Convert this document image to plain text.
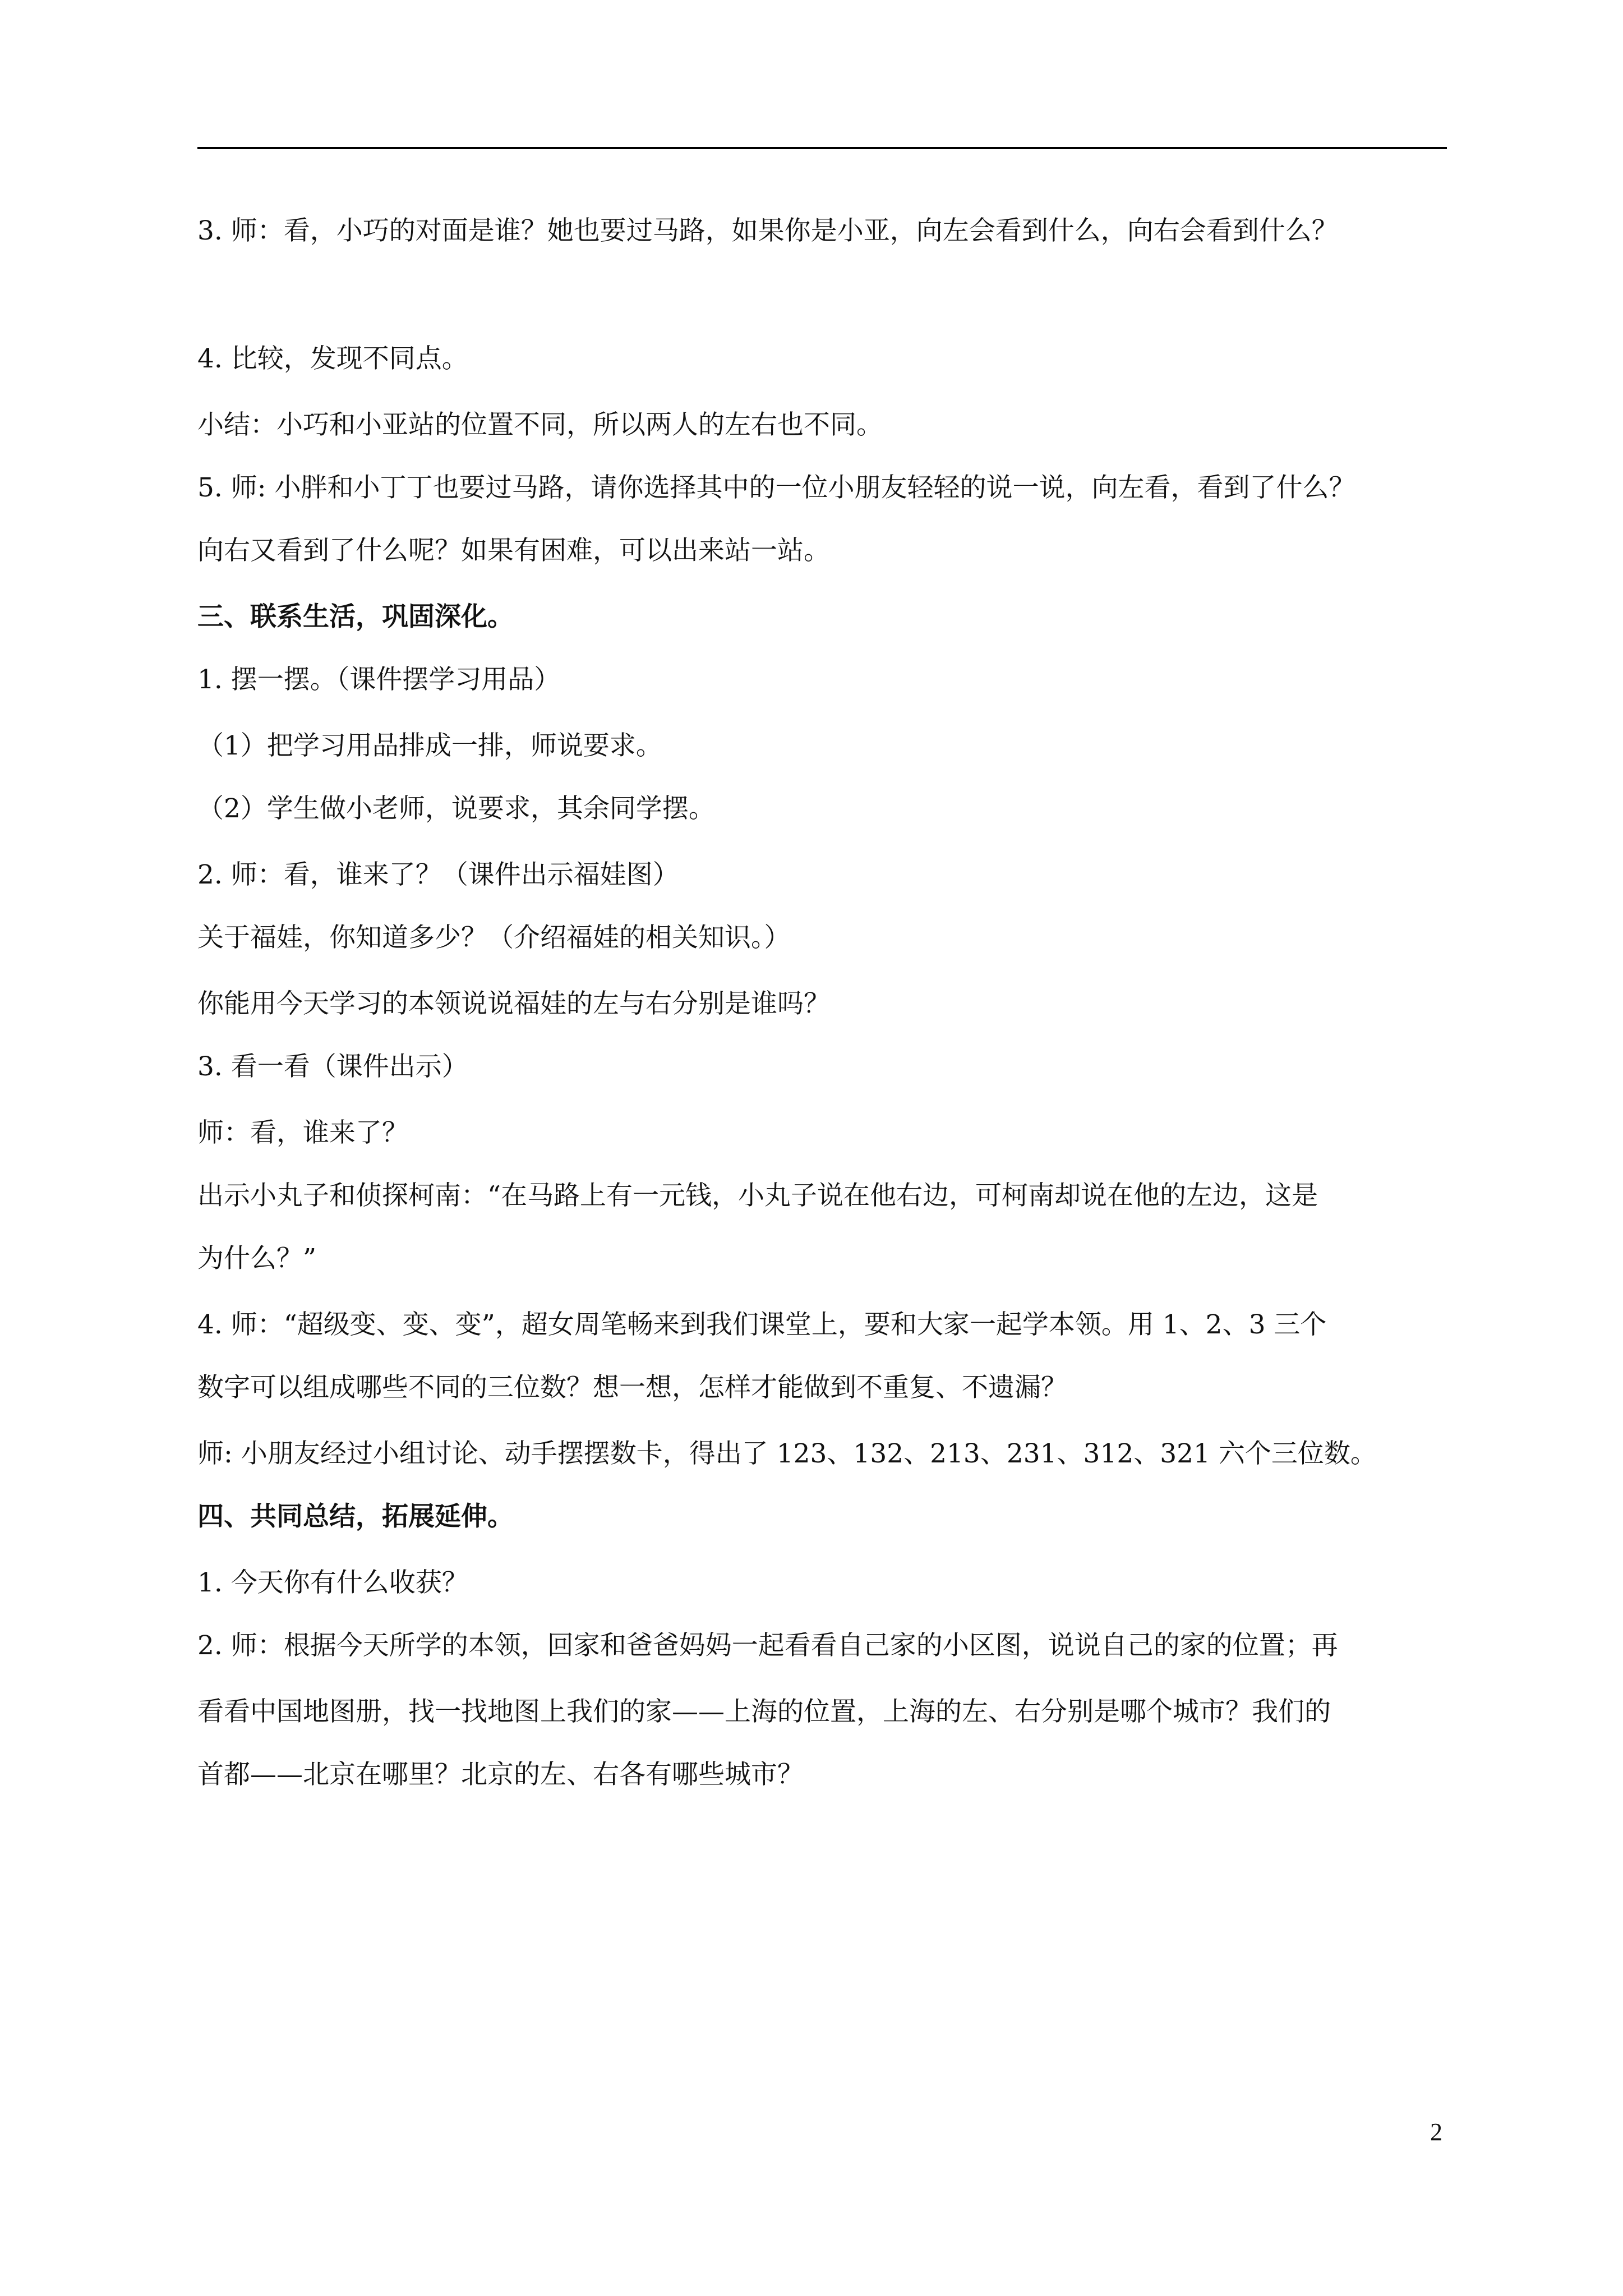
3. 师：看，小巧的对面是谁？她也要过马路，如果你是小亚，向左会看到什么，向右会看到什么？
4. 比较，发现不同点。
小结：小巧和小亚站的位置不同，所以两人的左右也不同。
5. 师: 小胖和小丁丁也要过马路，请你选择其中的一位小朋友轻轻的说一说，向左看，看到了什么？
向右又看到了什么呢？如果有困难，可以出来站一站。
三、联系生活，巩固深化。
1. 摆一摆。（课件摆学习用品）
（1）把学习用品排成一排，师说要求。
（2）学生做小老师，说要求，其余同学摆。
2. 师：看，谁来了？（课件出示福娃图）
关于福娃，你知道多少？（介绍福娃的相关知识。）
你能用今天学习的本领说说福娃的左与右分别是谁吗？
3. 看一看（课件出示）
师：看，谁来了？
出示小丸子和侦探柯南：“在马路上有一元钱，小丸子说在他右边，可柯南却说在他的左边，这是
为什么？”
4. 师：“超级变、变、变”，超女周笔畅来到我们课堂上，要和大家一起学本领。用 1、2、3 三个
数字可以组成哪些不同的三位数？想一想，怎样才能做到不重复、不遗漏？
师: 小朋友经过小组讨论、动手摆摆数卡，得出了 123、132、213、231、312、321 六个三位数。
四、共同总结，拓展延伸。
1. 今天你有什么收获？
2. 师：根据今天所学的本领，回家和爸爸妈妈一起看看自己家的小区图，说说自己的家的位置；再
看看中国地图册，找一找地图上我们的家——上海的位置，上海的左、右分别是哪个城市？我们的
首都——北京在哪里？北京的左、右各有哪些城市？
2
